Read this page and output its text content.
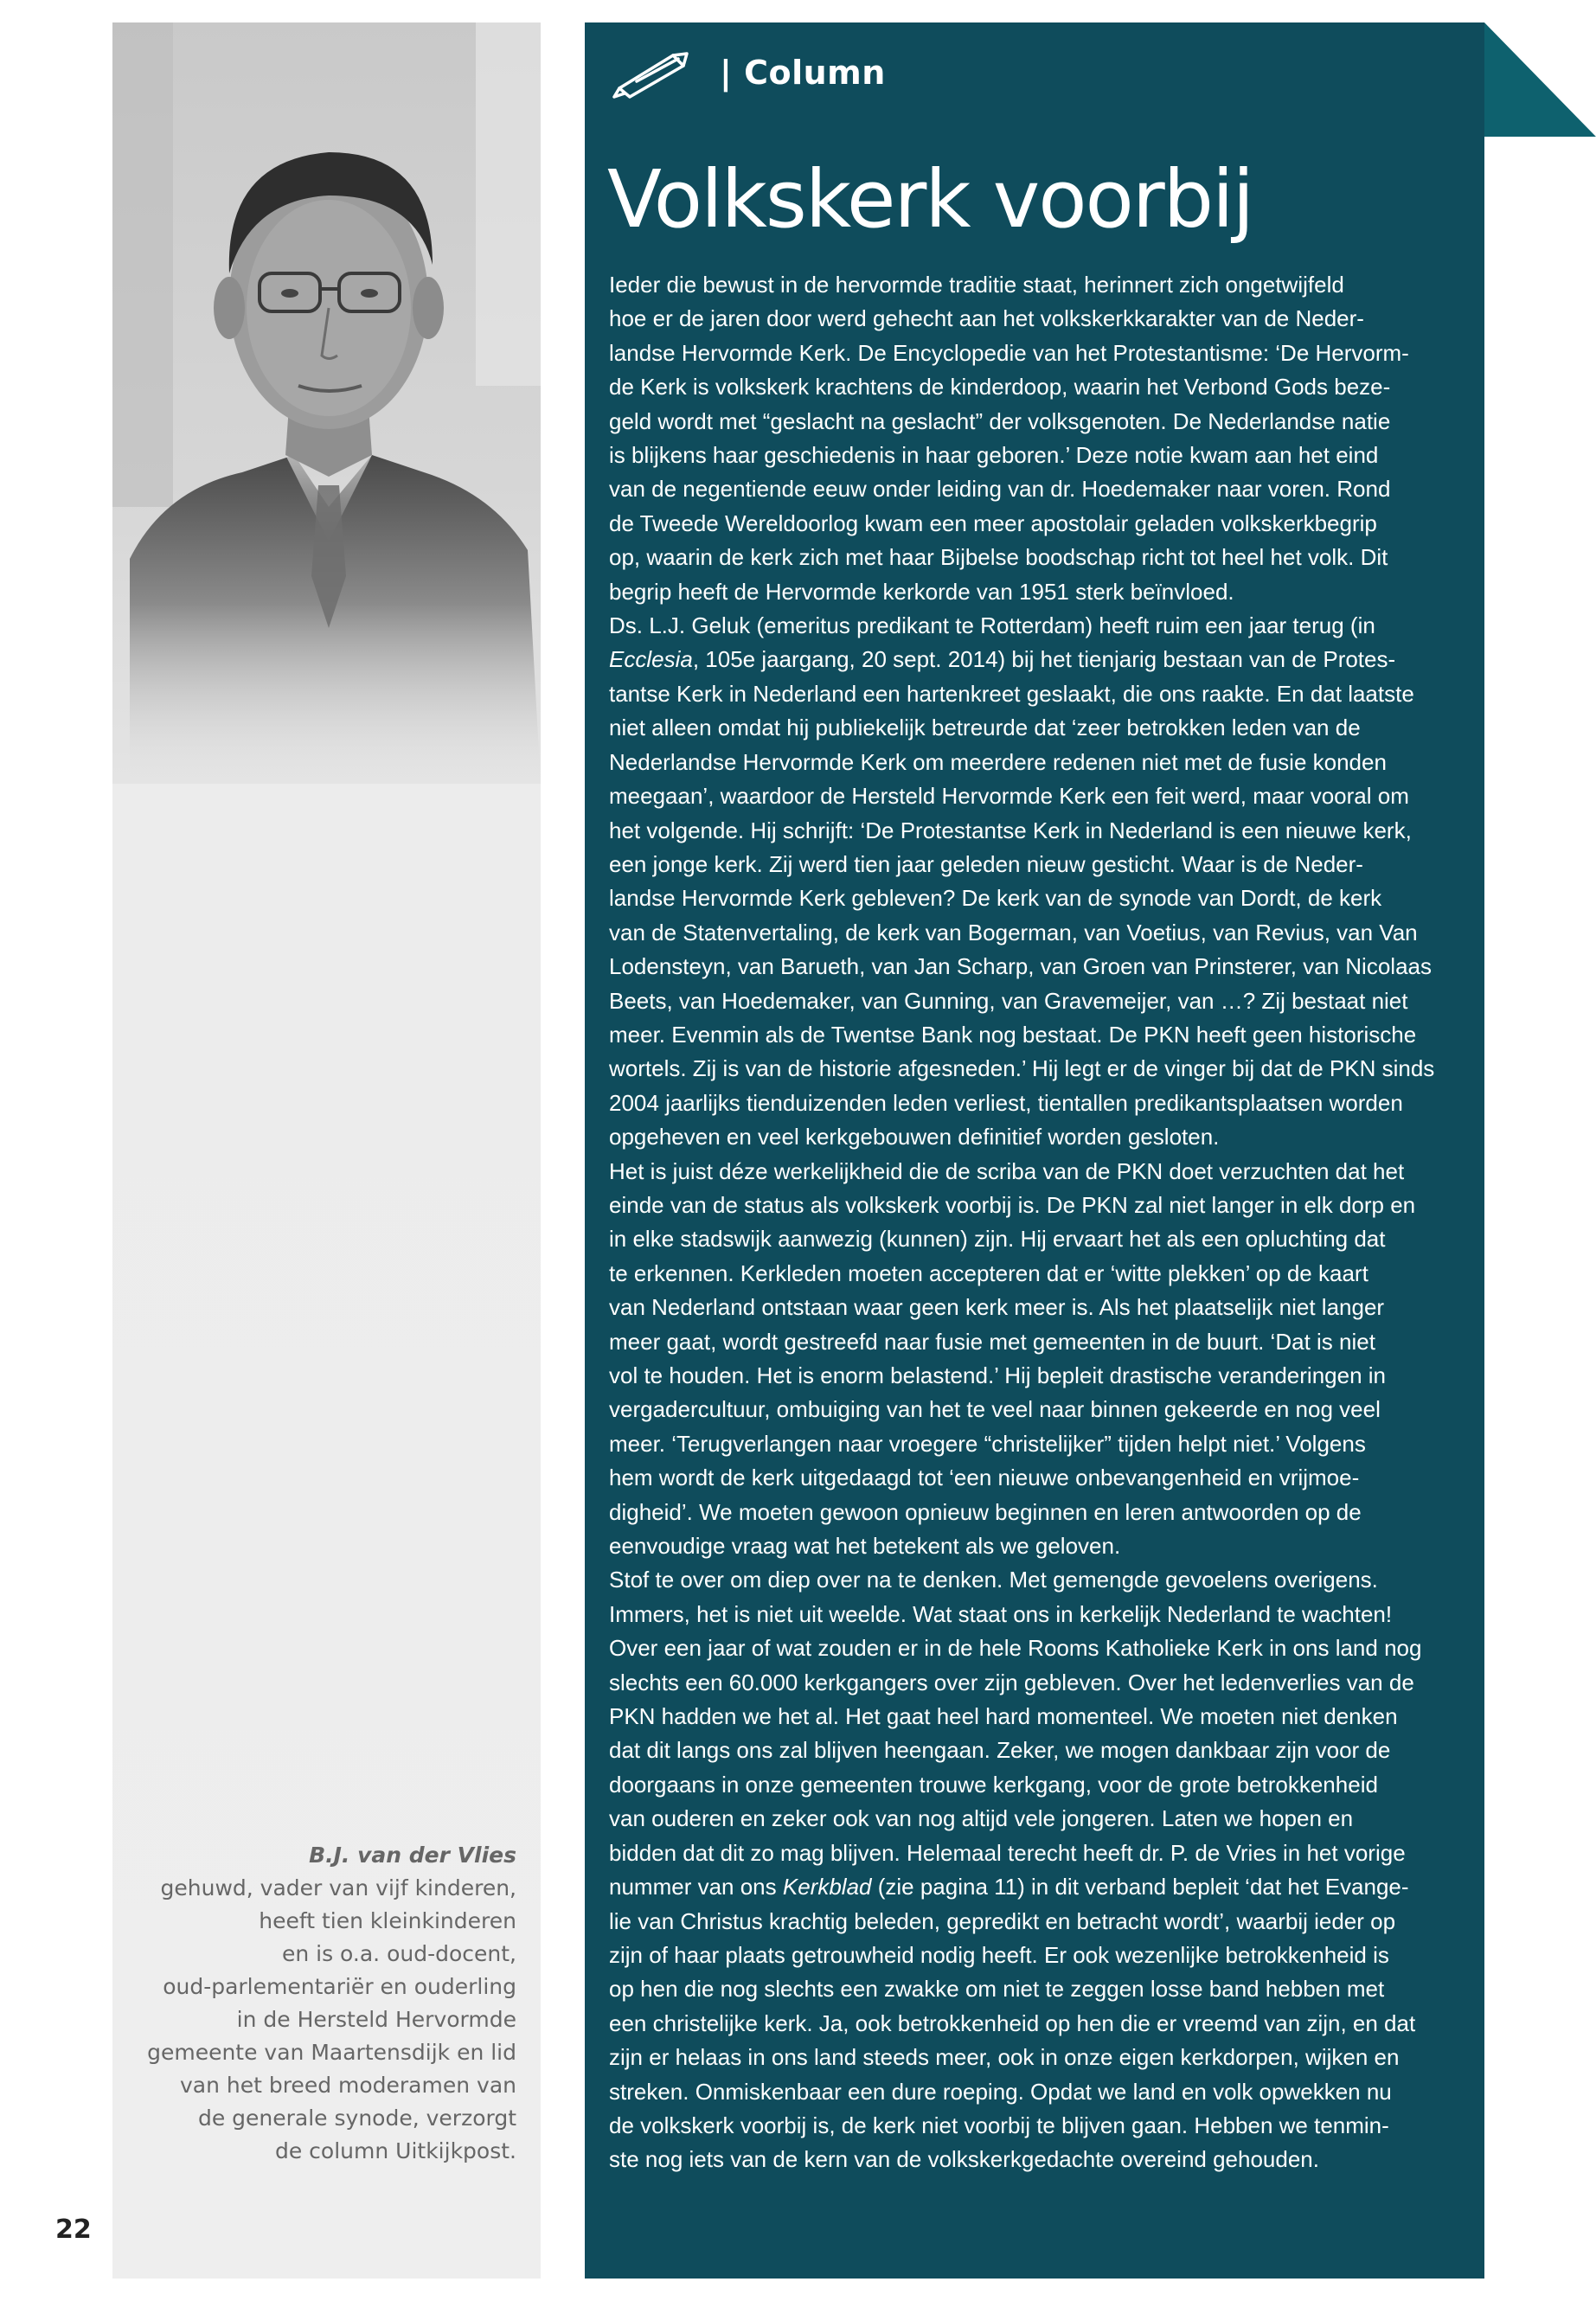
B.J. van der Vlies
gehuwd, vader van vijf kinderen,
heeft tien kleinkinderen
en is o.a. oud-docent,
oud-parlementariër en ouderling
in de Hersteld Hervormde
gemeente van Maartensdijk en lid
van het breed moderamen van
de generale synode, verzorgt
de column Uitkijkpost.
22
| Column
Volkskerk voorbij
Ieder die bewust in de hervormde traditie staat, herinnert zich ongetwijfeld
hoe er de jaren door werd gehecht aan het volkskerkkarakter van de Neder-
landse Hervormde Kerk. De Encyclopedie van het Protestantisme: ‘De Hervorm-
de Kerk is volkskerk krachtens de kinderdoop, waarin het Verbond Gods beze-
geld wordt met “geslacht na geslacht” der volksgenoten. De Nederlandse natie
is blijkens haar geschiedenis in haar geboren.’ Deze notie kwam aan het eind
van de negentiende eeuw onder leiding van dr. Hoedemaker naar voren. Rond
de Tweede Wereldoorlog kwam een meer apostolair geladen volkskerkbegrip
op, waarin de kerk zich met haar Bijbelse boodschap richt tot heel het volk. Dit
begrip heeft de Hervormde kerkorde van 1951 sterk beïnvloed.
Ds. L.J. Geluk (emeritus predikant te Rotterdam) heeft ruim een jaar terug (in
Ecclesia, 105e jaargang, 20 sept. 2014) bij het tienjarig bestaan van de Protes-
tantse Kerk in Nederland een hartenkreet geslaakt, die ons raakte. En dat laatste
niet alleen omdat hij publiekelijk betreurde dat ‘zeer betrokken leden van de
Nederlandse Hervormde Kerk om meerdere redenen niet met de fusie konden
meegaan’, waardoor de Hersteld Hervormde Kerk een feit werd, maar vooral om
het volgende. Hij schrijft: ‘De Protestantse Kerk in Nederland is een nieuwe kerk,
een jonge kerk. Zij werd tien jaar geleden nieuw gesticht. Waar is de Neder-
landse Hervormde Kerk gebleven? De kerk van de synode van Dordt, de kerk
van de Statenvertaling, de kerk van Bogerman, van Voetius, van Revius, van Van
Lodensteyn, van Barueth, van Jan Scharp, van Groen van Prinsterer, van Nicolaas
Beets, van Hoedemaker, van Gunning, van Gravemeijer, van …? Zij bestaat niet
meer. Evenmin als de Twentse Bank nog bestaat. De PKN heeft geen historische
wortels. Zij is van de historie afgesneden.’ Hij legt er de vinger bij dat de PKN sinds
2004 jaarlijks tienduizenden leden verliest, tientallen predikantsplaatsen worden
opgeheven en veel kerkgebouwen definitief worden gesloten.
Het is juist déze werkelijkheid die de scriba van de PKN doet verzuchten dat het
einde van de status als volkskerk voorbij is. De PKN zal niet langer in elk dorp en
in elke stadswijk aanwezig (kunnen) zijn. Hij ervaart het als een opluchting dat
te erkennen. Kerkleden moeten accepteren dat er ‘witte plekken’ op de kaart
van Nederland ontstaan waar geen kerk meer is. Als het plaatselijk niet langer
meer gaat, wordt gestreefd naar fusie met gemeenten in de buurt. ‘Dat is niet
vol te houden. Het is enorm belastend.’ Hij bepleit drastische veranderingen in
vergadercultuur, ombuiging van het te veel naar binnen gekeerde en nog veel
meer. ‘Terugverlangen naar vroegere “christelijker” tijden helpt niet.’ Volgens
hem wordt de kerk uitgedaagd tot ‘een nieuwe onbevangenheid en vrijmoe-
digheid’. We moeten gewoon opnieuw beginnen en leren antwoorden op de
eenvoudige vraag wat het betekent als we geloven.
Stof te over om diep over na te denken. Met gemengde gevoelens overigens.
Immers, het is niet uit weelde. Wat staat ons in kerkelijk Nederland te wachten!
Over een jaar of wat zouden er in de hele Rooms Katholieke Kerk in ons land nog
slechts een 60.000 kerkgangers over zijn gebleven. Over het ledenverlies van de
PKN hadden we het al. Het gaat heel hard momenteel. We moeten niet denken
dat dit langs ons zal blijven heengaan. Zeker, we mogen dankbaar zijn voor de
doorgaans in onze gemeenten trouwe kerkgang, voor de grote betrokkenheid
van ouderen en zeker ook van nog altijd vele jongeren. Laten we hopen en
bidden dat dit zo mag blijven. Helemaal terecht heeft dr. P. de Vries in het vorige
nummer van ons Kerkblad (zie pagina 11) in dit verband bepleit ‘dat het Evange-
lie van Christus krachtig beleden, gepredikt en betracht wordt’, waarbij ieder op
zijn of haar plaats getrouwheid nodig heeft. Er ook wezenlijke betrokkenheid is
op hen die nog slechts een zwakke om niet te zeggen losse band hebben met
een christelijke kerk. Ja, ook betrokkenheid op hen die er vreemd van zijn, en dat
zijn er helaas in ons land steeds meer, ook in onze eigen kerkdorpen, wijken en
streken. Onmiskenbaar een dure roeping. Opdat we land en volk opwekken nu
de volkskerk voorbij is, de kerk niet voorbij te blijven gaan. Hebben we tenmin-
ste nog iets van de kern van de volkskerkgedachte overeind gehouden.
